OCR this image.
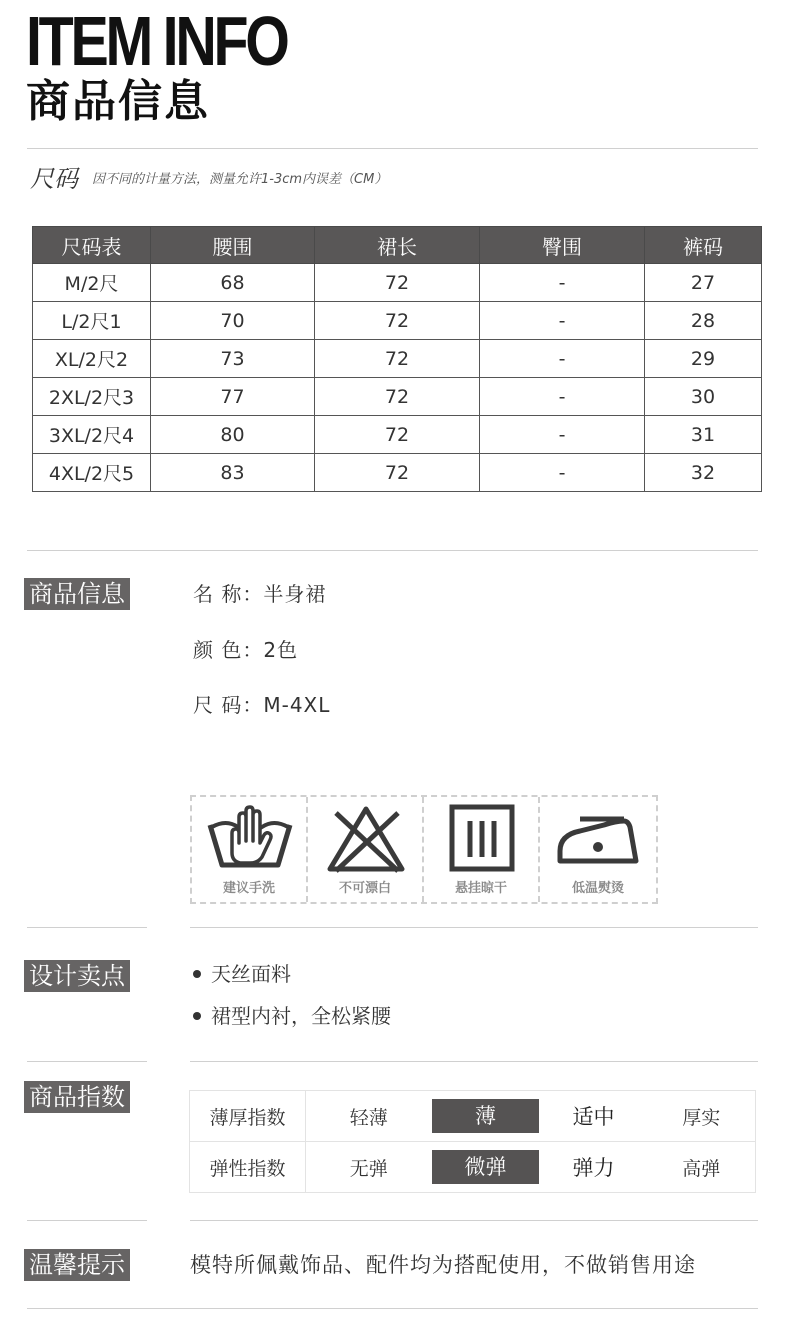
ITEM INFO
商品信息
尺码 因不同的计量方法，测量允许1-3cm内误差（CM）
尺码表	腰围	裙长	臀围	裤码
M/2尺	68	72	-	27
L/2尺1	70	72	-	28
XL/2尺2	73	72	-	29
2XL/2尺3	77	72	-	30
3XL/2尺4	80	72	-	31
4XL/2尺5	83	72	-	32
商品信息	名 称：半身裙
颜 色：2色
尺 码：M-4XL
建议手洗	不可漂白	悬挂晾干	低温熨烫
设计卖点	天丝面料
裙型内衬，全松紧腰
商品指数
薄厚指数	轻薄	薄	适中	厚实
弹性指数	无弹	微弹	弹力	高弹
温馨提示	模特所佩戴饰品、配件均为搭配使用，不做销售用途
